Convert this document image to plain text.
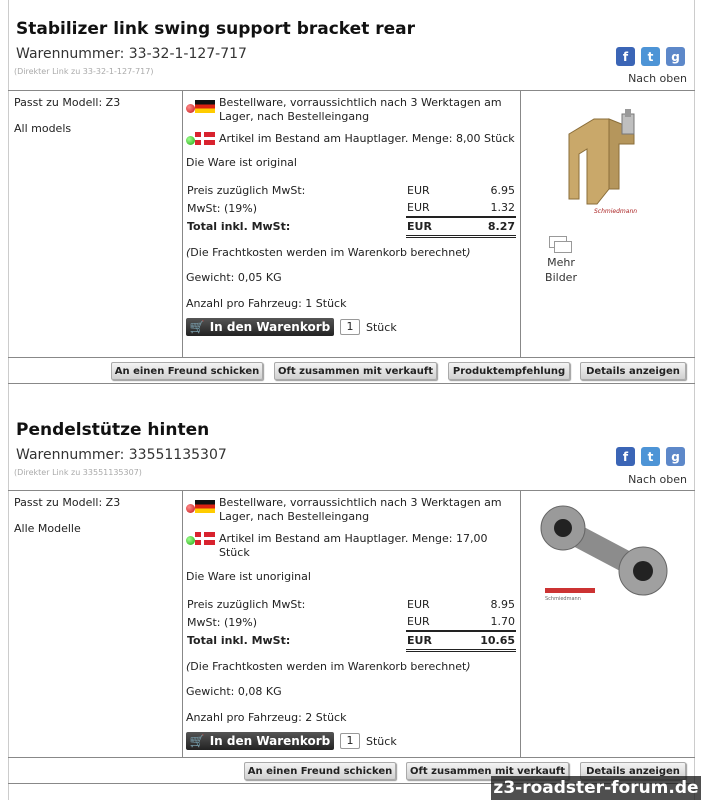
Stabilizer link swing support bracket rear
Warennummer: 33-32-1-127-717
(Direkter Link zu 33-32-1-127-717)
f	t	g
Nach oben
Passt zu Modell: Z3
All models
Bestellware, vorraussichtlich nach 3 Werktagen am Lager, nach Bestelleingang
Artikel im Bestand am Hauptlager. Menge: 8,00 Stück
Die Ware ist original
Preis zuzüglich MwSt:	EUR	6.95
MwSt: (19%)	EUR	1.32
Total inkl. MwSt:	EUR	8.27
(Die Frachtkosten werden im Warenkorb berechnet)
Gewicht: 0,05 KG
Anzahl pro Fahrzeug: 1 Stück
🛒 In den Warenkorb	1	Stück
Schmiedmann
Mehr Bilder
An einen Freund schicken	Oft zusammen mit verkauft	Produktempfehlung	Details anzeigen
Pendelstütze hinten
Warennummer: 33551135307
(Direkter Link zu 33551135307)
f	t	g
Nach oben
Passt zu Modell: Z3
Alle Modelle
Bestellware, vorraussichtlich nach 3 Werktagen am Lager, nach Bestelleingang
Artikel im Bestand am Hauptlager. Menge: 17,00 Stück
Die Ware ist unoriginal
Preis zuzüglich MwSt:	EUR	8.95
MwSt: (19%)	EUR	1.70
Total inkl. MwSt:	EUR	10.65
(Die Frachtkosten werden im Warenkorb berechnet)
Gewicht: 0,08 KG
Anzahl pro Fahrzeug: 2 Stück
🛒 In den Warenkorb	1	Stück
Schmiedmann
An einen Freund schicken	Oft zusammen mit verkauft	Details anzeigen
z3-roadster-forum.de
